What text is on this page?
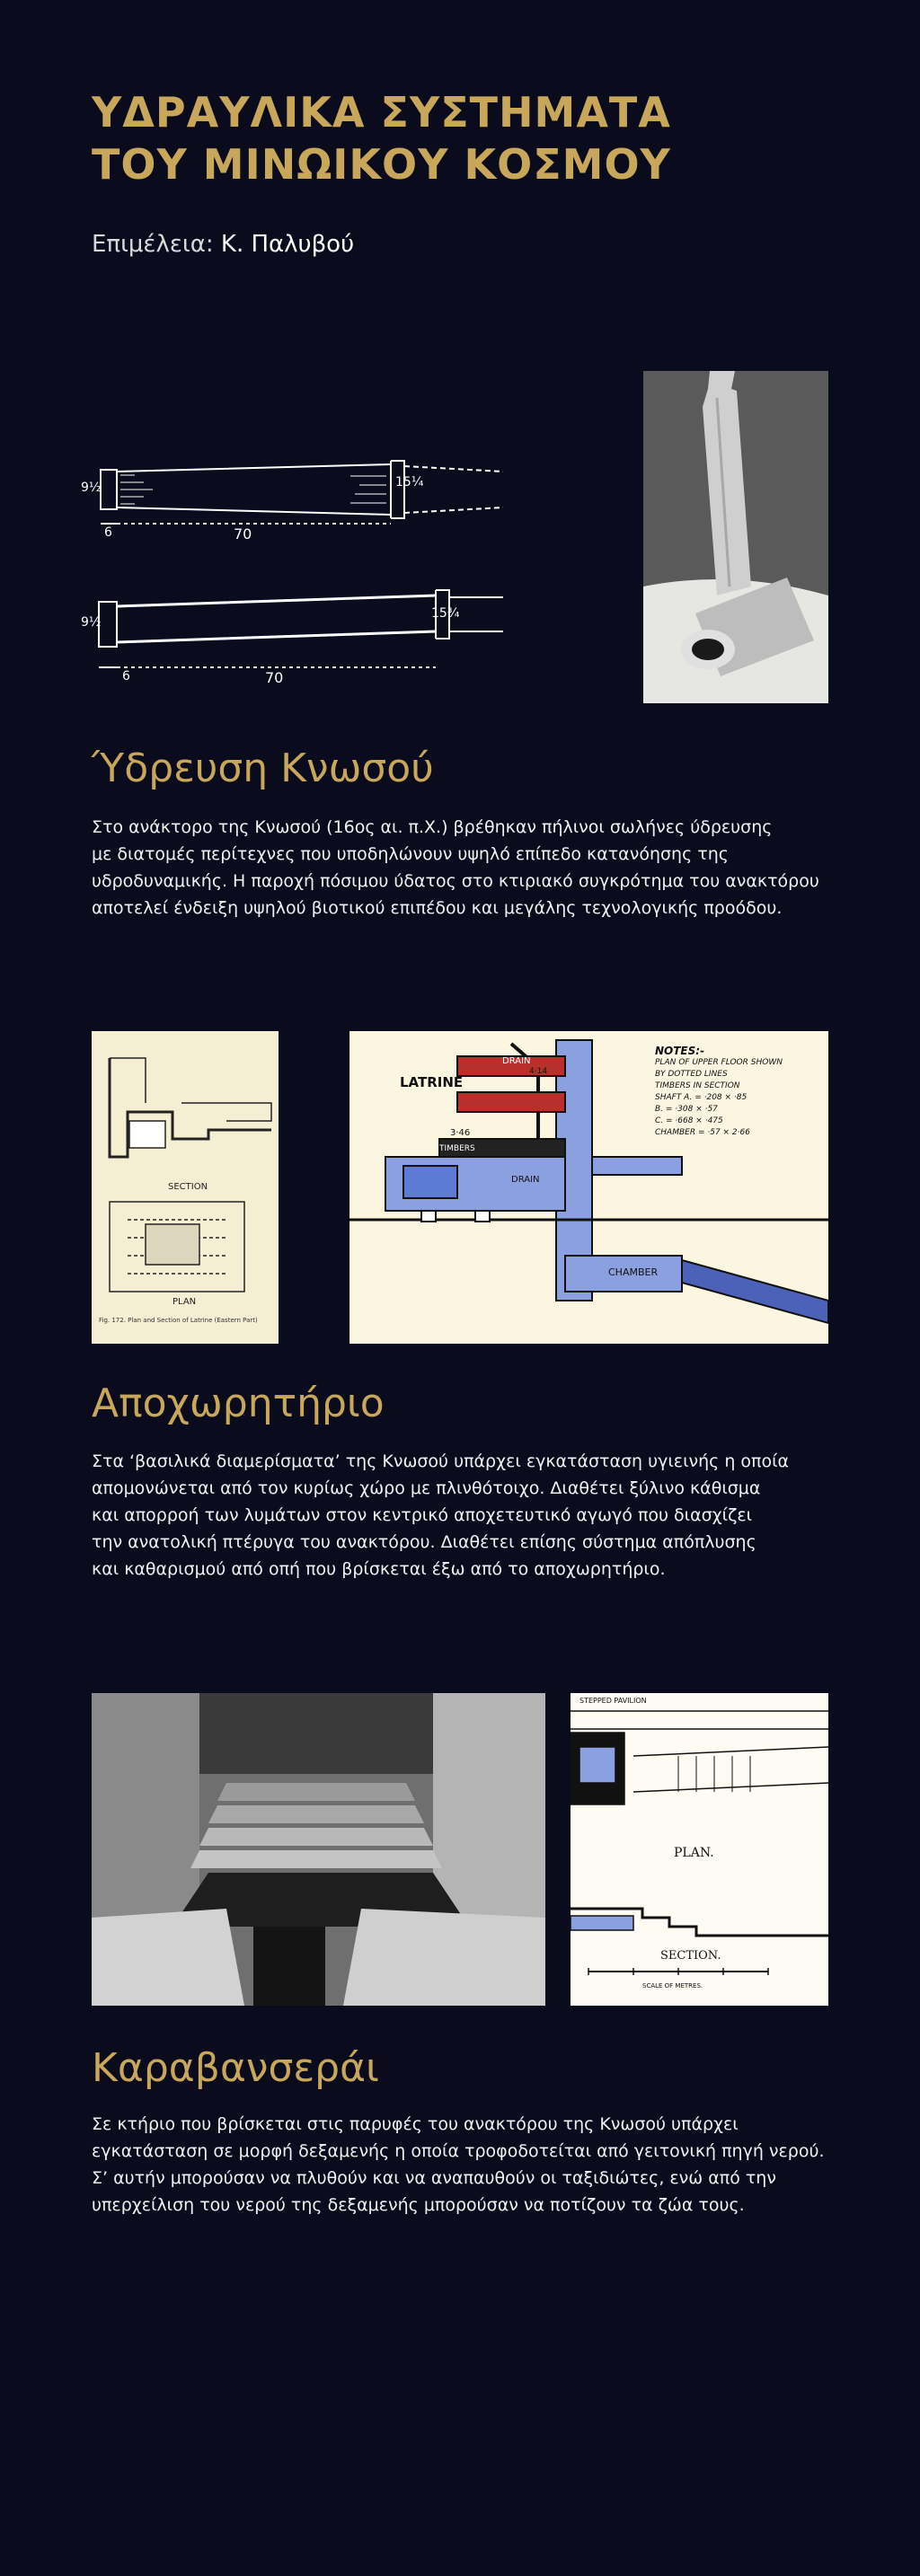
ΥΔΡΑΥΛΙΚΑ ΣΥΣΤΗΜΑΤΑ
ΤΟΥ ΜΙΝΩΙΚΟΥ ΚΟΣΜΟΥ
Επιμέλεια: Κ. Παλυβού
9½	15¼
70
6
9½
15¾
70
6
Ύδρευση Κνωσού
Στο ανάκτορο της Κνωσού (16ος αι. π.Χ.) βρέθηκαν πήλινοι σωλήνες ύδρευσης
με διατομές περίτεχνες που υποδηλώνουν υψηλό επίπεδο κατανόησης της
υδροδυναμικής. Η παροχή πόσιμου ύδατος στο κτιριακό συγκρότημα του ανακτόρου
αποτελεί ένδειξη υψηλού βιοτικού επιπέδου και μεγάλης τεχνολογικής προόδου.
SECTION
PLAN
Fig. 172. Plan and Section of Latrine (Eastern Part)
LATRINE
3·46
TIMBERS
DRAIN
DRAIN
CHAMBER
4·14
NOTES:-
PLAN OF UPPER FLOOR SHOWN
BY DOTTED LINES
TIMBERS IN SECTION
SHAFT A. = ·208 × ·85
B. = ·308 × ·57
C. = ·668 × ·475
CHAMBER = ·57 × 2·66
Αποχωρητήριο
Στα ‘βασιλικά διαμερίσματα’ της Κνωσού υπάρχει εγκατάσταση υγιεινής η οποία
απομονώνεται από τον κυρίως χώρο με πλινθότοιχο. Διαθέτει ξύλινο κάθισμα
και απορροή των λυμάτων στον κεντρικό αποχετευτικό αγωγό που διασχίζει
την ανατολική πτέρυγα του ανακτόρου. Διαθέτει επίσης σύστημα απόπλυσης
και καθαρισμού από οπή που βρίσκεται έξω από το αποχωρητήριο.
STEPPED PAVILION
PLAN.
SECTION.
SCALE OF METRES.
Καραβανσεράι
Σε κτήριο που βρίσκεται στις παρυφές του ανακτόρου της Κνωσού υπάρχει
εγκατάσταση σε μορφή δεξαμενής η οποία τροφοδοτείται από γειτονική πηγή νερού.
Σ’ αυτήν μπορούσαν να πλυθούν και να αναπαυθούν οι ταξιδιώτες, ενώ από την
υπερχείλιση του νερού της δεξαμενής μπορούσαν να ποτίζουν τα ζώα τους.
